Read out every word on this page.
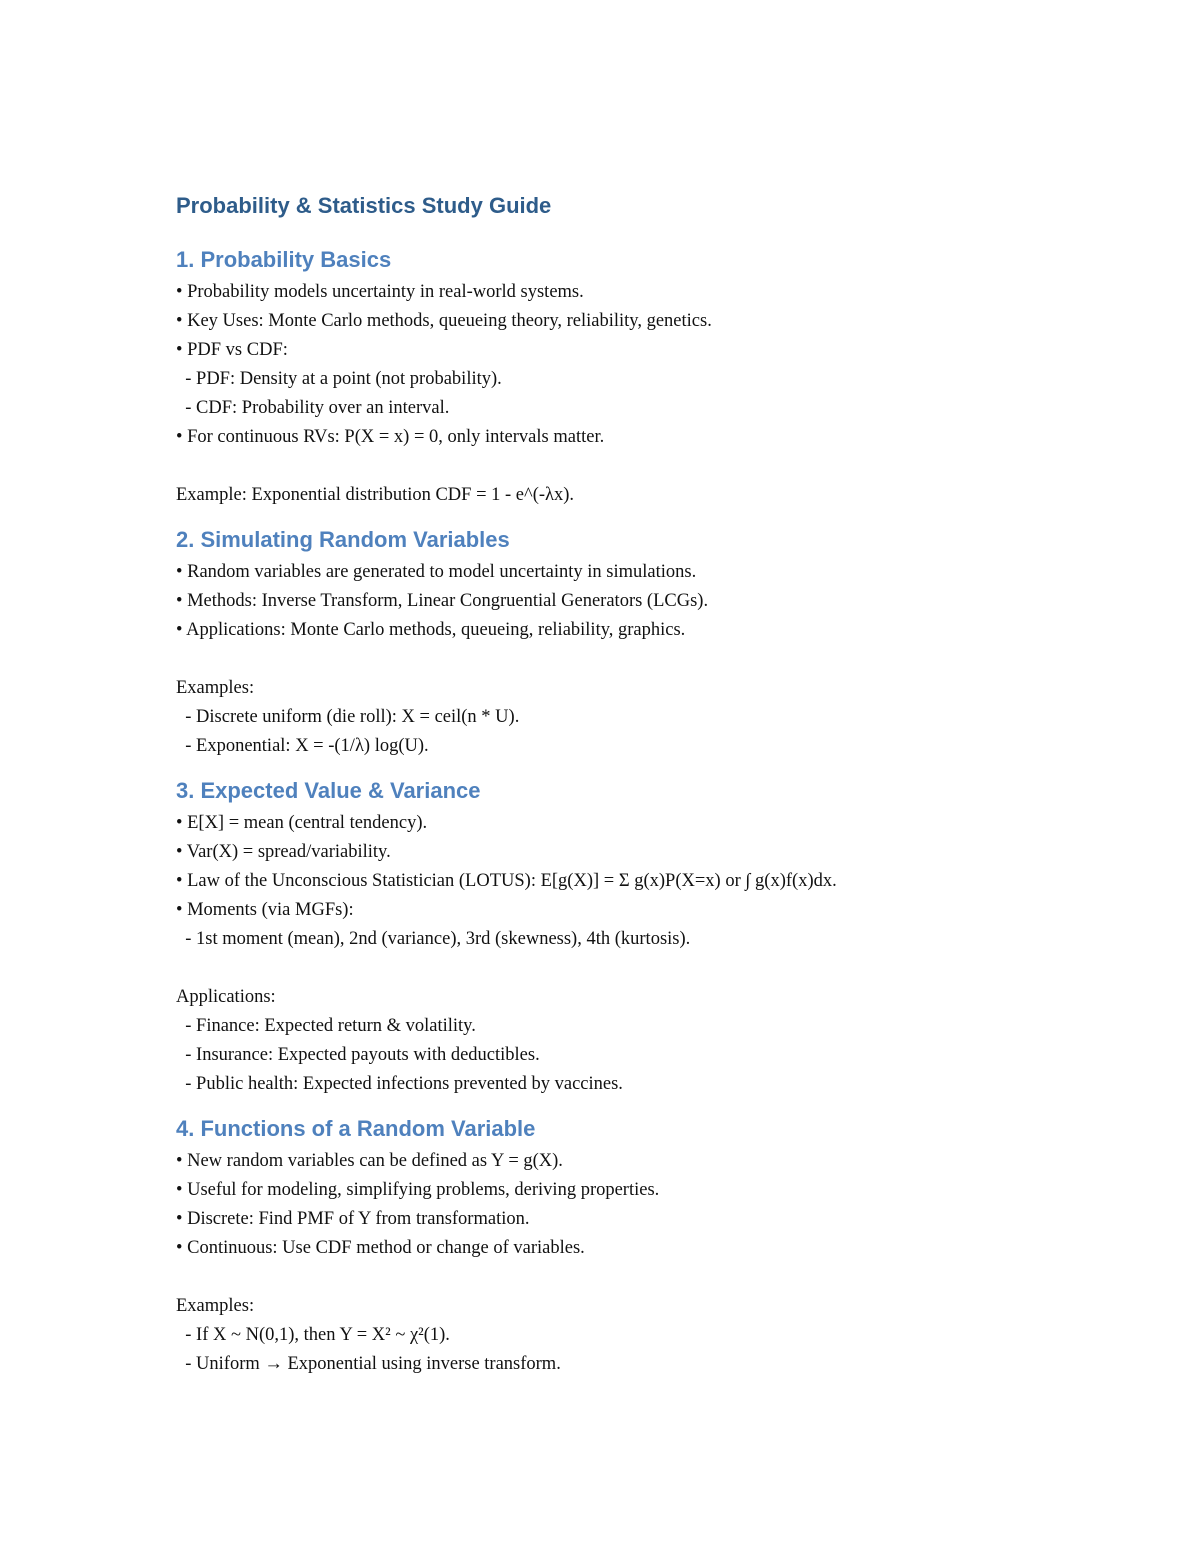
Probability & Statistics Study Guide
1. Probability Basics
• Probability models uncertainty in real-world systems.
• Key Uses: Monte Carlo methods, queueing theory, reliability, genetics.
• PDF vs CDF:
- PDF: Density at a point (not probability).
- CDF: Probability over an interval.
• For continuous RVs: P(X = x) = 0, only intervals matter.
Example: Exponential distribution CDF = 1 - e^(-λx).
2. Simulating Random Variables
• Random variables are generated to model uncertainty in simulations.
• Methods: Inverse Transform, Linear Congruential Generators (LCGs).
• Applications: Monte Carlo methods, queueing, reliability, graphics.
Examples:
- Discrete uniform (die roll): X = ceil(n * U).
- Exponential: X = -(1/λ) log(U).
3. Expected Value & Variance
• E[X] = mean (central tendency).
• Var(X) = spread/variability.
• Law of the Unconscious Statistician (LOTUS): E[g(X)] = Σ g(x)P(X=x) or ∫ g(x)f(x)dx.
• Moments (via MGFs):
- 1st moment (mean), 2nd (variance), 3rd (skewness), 4th (kurtosis).
Applications:
- Finance: Expected return & volatility.
- Insurance: Expected payouts with deductibles.
- Public health: Expected infections prevented by vaccines.
4. Functions of a Random Variable
• New random variables can be defined as Y = g(X).
• Useful for modeling, simplifying problems, deriving properties.
• Discrete: Find PMF of Y from transformation.
• Continuous: Use CDF method or change of variables.
Examples:
- If X ~ N(0,1), then Y = X² ~ χ²(1).
- Uniform → Exponential using inverse transform.
